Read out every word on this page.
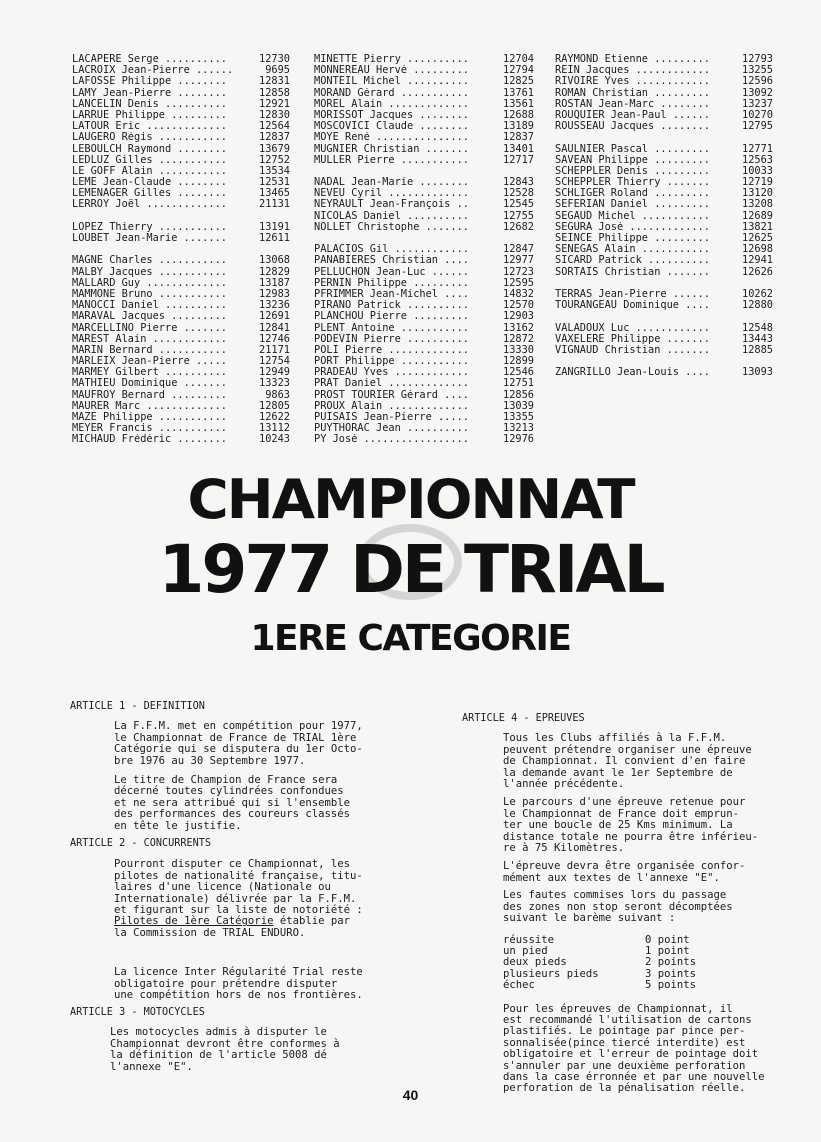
LACAPERE Serge ..........	12730
LACROIX Jean-Pierre ......	9695
LAFOSSE Philippe ........	12831
LAMY Jean-Pierre ........	12858
LANCELIN Denis ..........	12921
LARRUE Philippe .........	12830
LATOUR Eric .............	12564
LAUGERO Régis ...........	12837
LEBOULCH Raymond ........	13679
LEDLUZ Gilles ...........	12752
LE GOFF Alain ...........	13534
LEME Jean-Claude ........	12531
LEMENAGER Gilles ........	13465
LERROY Joël .............	21131
LOPEZ Thierry ...........	13191
LOUBET Jean-Marie .......	12611
MAGNE Charles ...........	13068
MALBY Jacques ...........	12829
MALLARD Guy .............	13187
MAMMONE Bruno ...........	12983
MANOCCI Daniel ..........	13236
MARAVAL Jacques .........	12691
MARCELLINO Pierre .......	12841
MAREST Alain ............	12746
MARIN Bernard ...........	21171
MARLEIX Jean-Pierre .....	12754
MARMEY Gilbert ..........	12949
MATHIEU Dominique .......	13323
MAUFROY Bernard .........	9863
MAURER Marc .............	12805
MAZE Philippe ...........	12622
MEYER Francis ...........	13112
MICHAUD Frédéric ........	10243
MINETTE Pierry ..........	12704
MONNEREAU Hervé .........	12794
MONTEIL Michel ..........	12825
MORAND Gérard ...........	13761
MOREL Alain .............	13561
MORISSOT Jacques ........	12688
MOSCOVICI Claude ........	13189
MOYE René ...............	12837
MUGNIER Christian .......	13401
MULLER Pierre ...........	12717
NADAL Jean-Marie ........	12843
NEVEU Cyril .............	12528
NEYRAULT Jean-François ..	12545
NICOLAS Daniel ..........	12755
NOLLET Christophe .......	12682
PALACIOS Gil ............	12847
PANABIERES Christian ....	12977
PELLUCHON Jean-Luc ......	12723
PERNIN Philippe .........	12595
PFRIMMER Jean-Michel ....	14832
PIRANO Patrick ..........	12570
PLANCHOU Pierre .........	12903
PLENT Antoine ...........	13162
PODEVIN Pierre ..........	12872
POLI Pierre .............	13330
PORT Philippe ...........	12899
PRADEAU Yves ............	12546
PRAT Daniel .............	12751
PROST TOURIER Gérard ....	12856
PROUX Alain .............	13039
PUISAIS Jean-Pierre .....	13355
PUYTHORAC Jean ..........	13213
PY José .................	12976
RAYMOND Etienne .........	12793
REIN Jacques ............	13255
RIVOIRE Yves ............	12596
ROMAN Christian .........	13092
ROSTAN Jean-Marc ........	13237
ROUQUIER Jean-Paul ......	10270
ROUSSEAU Jacques ........	12795
SAULNIER Pascal .........	12771
SAVEAN Philippe .........	12563
SCHEPPLER Denis .........	10033
SCHEPPLER Thierry .......	12719
SCHLIGER Roland .........	13120
SEFERIAN Daniel .........	13208
SEGAUD Michel ...........	12689
SEGURA José .............	13821
SEINCE Philippe .........	12625
SENEGAS Alain ...........	12698
SICARD Patrick ..........	12941
SORTAIS Christian .......	12626
TERRAS Jean-Pierre ......	10262
TOURANGEAU Dominique ....	12880
VALADOUX Luc ............	12548
VAXELERE Philippe .......	13443
VIGNAUD Christian .......	12885
ZANGRILLO Jean-Louis ....	13093
CHAMPIONNAT
1977 DE TRIAL
1ERE CATEGORIE
ARTICLE 1 - DEFINITION

La F.F.M. met en compétition pour 1977,
le Championnat de France de TRIAL 1ère
Catégorie qui se disputera du 1er Octo-
bre 1976 au 30 Septembre 1977.

Le titre de Champion de France sera
décerné toutes cylindrées confondues
et ne sera attribué qui si l'ensemble
des performances des coureurs classés
en tête le justifie.

ARTICLE 2 - CONCURRENTS

Pourront disputer ce Championnat, les
pilotes de nationalité française, titu-
laires d'une licence (Nationale ou
Internationale) délivrée par la F.F.M.
et figurant sur la liste de notoriété :

Pilotes de 1ère Catégorie établie par
la Commission de TRIAL ENDURO.

La licence Inter Régularité Trial reste
obligatoire pour prétendre disputer
une compétition hors de nos frontières.

ARTICLE 3 - MOTOCYCLES

Les motocycles admis à disputer le
Championnat devront être conformes à
la définition de l'article 5008 dé
l'annexe "E".

ARTICLE 4 - EPREUVES

Tous les Clubs affiliés à la F.F.M.
peuvent prétendre organiser une épreuve
de Championnat. Il convient d'en faire
la demande avant le 1er Septembre de
l'année précédente.

Le parcours d'une épreuve retenue pour
le Championnat de France doit emprun-
ter une boucle de 25 Kms minimum. La
distance totale ne pourra être inférieu-
re à 75 Kilomètres.

L'épreuve devra être organisée confor-
mément aux textes de l'annexe "E".

Les fautes commises lors du passage
des zones non stop seront décomptées
suivant le barème suivant :

réussite	0 point
un pied	1 point
deux pieds	2 points
plusieurs pieds	3 points
échec	5 points

Pour les épreuves de Championnat, il
est recommandé l'utilisation de cartons
plastifiés. Le pointage par pince per-
sonnalisée(pince tiercé interdite) est
obligatoire et l'erreur de pointage doit
s'annuler par une deuxième perforation
dans la case érronnée et par une nouvelle
perforation de la pénalisation réelle.

40
